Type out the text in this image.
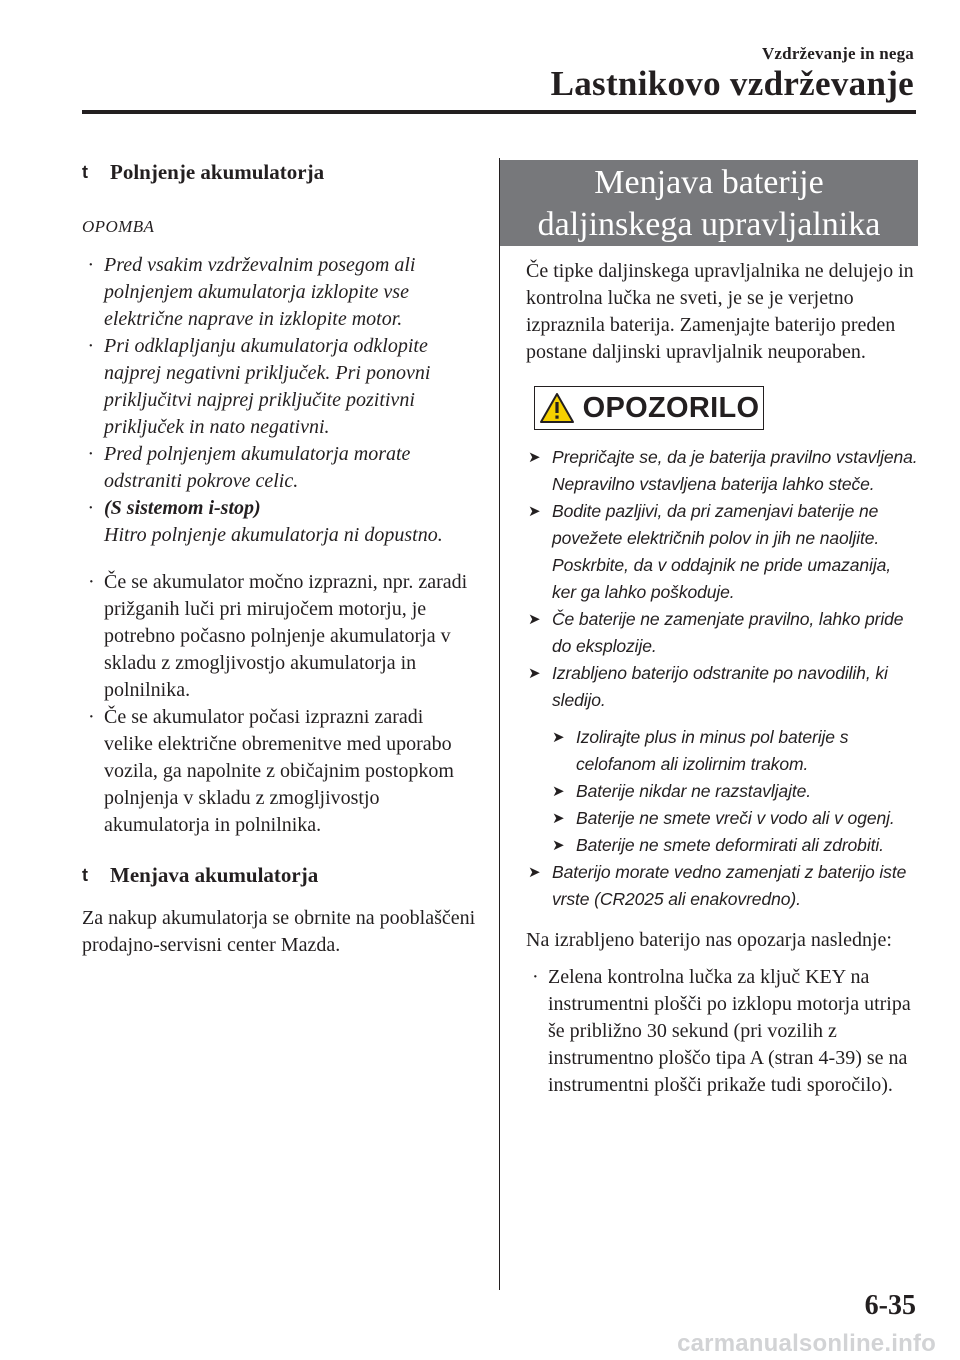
Vzdrževanje in nega
Lastnikovo vzdrževanje
t	Polnjenje akumulatorja
OPOMBA
· Pred vsakim vzdrževalnim posegom ali polnjenjem akumulatorja izklopite vse električne naprave in izklopite motor.
· Pri odklapljanju akumulatorja odklopite najprej negativni priključek. Pri ponovni priključitvi najprej priključite pozitivni priključek in nato negativni.
· Pred polnjenjem akumulatorja morate odstraniti pokrove celic.
· (S sistemom i-stop)
Hitro polnjenje akumulatorja ni dopustno.
· Če se akumulator močno izprazni, npr. zaradi prižganih luči pri mirujočem motorju, je potrebno počasno polnjenje akumulatorja v skladu z zmogljivostjo akumulatorja in polnilnika.
· Če se akumulator počasi izprazni zaradi velike električne obremenitve med uporabo vozila, ga napolnite z običajnim postopkom polnjenja v skladu z zmogljivostjo akumulatorja in polnilnika.
t	Menjava akumulatorja

Za nakup akumulatorja se obrnite na pooblaščeni prodajno-servisni center Mazda.

Menjava baterije
daljinskega upravljalnika

Če tipke daljinskega upravljalnika ne delujejo in kontrolna lučka ne sveti, je se je verjetno izpraznila baterija. Zamenjajte baterijo preden postane daljinski upravljalnik neuporaben.

OPOZORILO
➤ Prepričajte se, da je baterija pravilno vstavljena. Nepravilno vstavljena baterija lahko steče.
➤ Bodite pazljivi, da pri zamenjavi baterije ne povežete električnih polov in jih ne naoljite. Poskrbite, da v oddajnik ne pride umazanija, ker ga lahko poškoduje.
➤ Če baterije ne zamenjate pravilno, lahko pride do eksplozije.
➤ Izrabljeno baterijo odstranite po navodilih, ki sledijo.
➤ Izolirajte plus in minus pol baterije s celofanom ali izolirnim trakom.
➤ Baterije nikdar ne razstavljajte.
➤ Baterije ne smete vreči v vodo ali v ogenj.
➤ Baterije ne smete deformirati ali zdrobiti.
➤ Baterijo morate vedno zamenjati z baterijo iste vrste (CR2025 ali enakovredno).

Na izrabljeno baterijo nas opozarja naslednje:

· Zelena kontrolna lučka za ključ KEY na instrumentni plošči po izklopu motorja utripa še približno 30 sekund (pri vozilih z instrumentno ploščo tipa A (stran 4-39) se na instrumentni plošči prikaže tudi sporočilo).
6-35
carmanualsonline.info
